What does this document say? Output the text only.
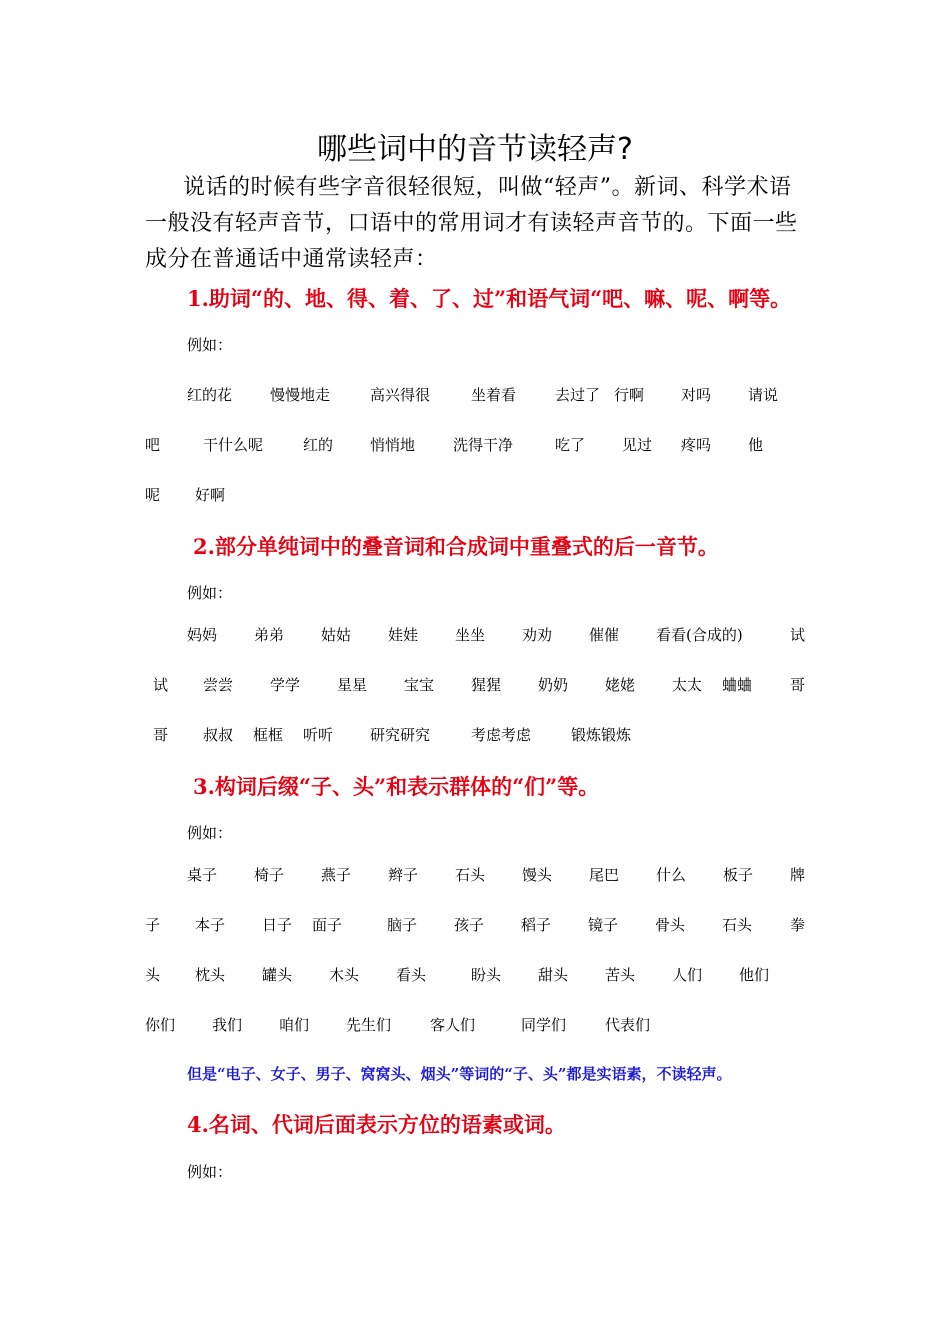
哪些词中的音节读轻声?
说话的时候有些字音很轻很短，叫做“轻声”。新词、科学术语一般没有轻声音节，口语中的常用词才有读轻声音节的。下面一些成分在普通话中通常读轻声：
1.助词“的、地、得、着、了、过”和语气词“吧、嘛、呢、啊等。
例如：
红的花	慢慢地走	高兴得很	坐着看	去过了 行啊 对吗 请说
吧	干什么呢	红的 悄悄地	洗得干净	吃了 见过 疼吗 他
呢 好啊
2.部分单纯词中的叠音词和合成词中重叠式的后一音节。
例如：
妈妈 弟弟 姑姑 娃娃 坐坐 劝劝 催催 看看(合成的)	试
试 尝尝 学学 星星 宝宝 猩猩 奶奶 姥姥 太太 蛐蛐	哥
哥 叔叔 框框 听听 研究研究	考虑考虑	锻炼锻炼
3.构词后缀“子、头”和表示群体的“们”等。
例如：
桌子 椅子 燕子 辫子 石头 馒头 尾巴 什么 板子 牌
子 本子 日子 面子	脑子 孩子 稻子 镜子 骨头 石头	拳
头 枕头 罐头 木头 看头	盼头 甜头 苦头 人们 他们
你们 我们 咱们 先生们	客人们	同学们	代表们
但是“电子、女子、男子、窝窝头、烟头”等词的“子、头”都是实语素，不读轻声。
4.名词、代词后面表示方位的语素或词。
例如：
